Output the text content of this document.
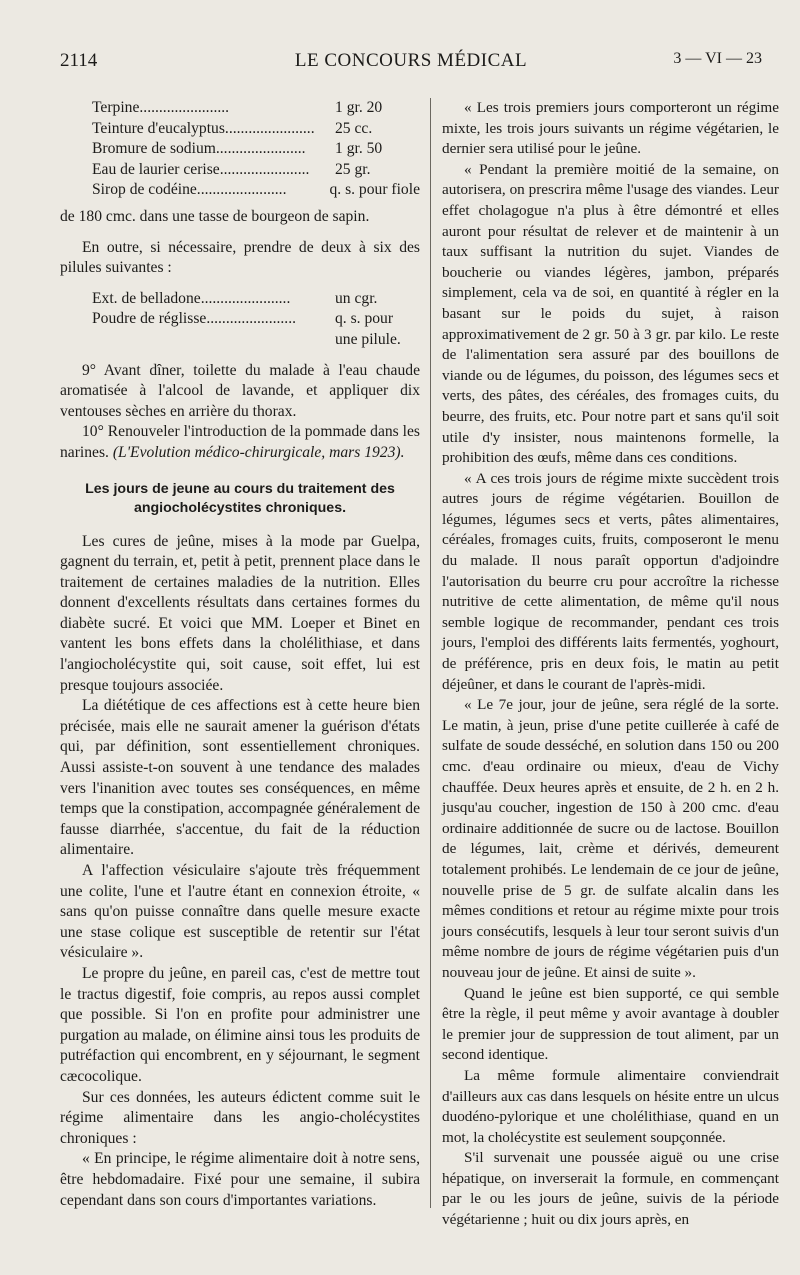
2114	LE CONCOURS MÉDICAL	3 — VI — 23
Terpine.......................	1 gr. 20
Teinture d'eucalyptus.......................	25 cc.
Bromure de sodium.......................	1 gr. 50
Eau de laurier cerise.......................	25 gr.
Sirop de codéine.......................	q. s. pour fiole

de 180 cmc. dans une tasse de bourgeon de sapin.

En outre, si nécessaire, prendre de deux à six des pilules suivantes :

Ext. de belladone.......................	un cgr.
Poudre de réglisse.......................	q. s. pour
une pilule.

9° Avant dîner, toilette du malade à l'eau chaude aromatisée à l'alcool de lavande, et appliquer dix ventouses sèches en arrière du thorax.

10° Renouveler l'introduction de la pommade dans les narines. (L'Evolution médico-chirurgicale, mars 1923).

Les jours de jeune au cours du traitement des angiocholécystites chroniques.

Les cures de jeûne, mises à la mode par Guelpa, gagnent du terrain, et, petit à petit, prennent place dans le traitement de certaines maladies de la nutrition. Elles donnent d'excellents résultats dans certaines formes du diabète sucré. Et voici que MM. Loeper et Binet en vantent les bons effets dans la cholélithiase, et dans l'angiocholécystite qui, soit cause, soit effet, lui est presque toujours associée.

La diététique de ces affections est à cette heure bien précisée, mais elle ne saurait amener la guérison d'états qui, par définition, sont essentiellement chroniques. Aussi assiste-t-on souvent à une tendance des malades vers l'inanition avec toutes ses conséquences, en même temps que la constipation, accompagnée généralement de fausse diarrhée, s'accentue, du fait de la réduction alimentaire.

A l'affection vésiculaire s'ajoute très fréquemment une colite, l'une et l'autre étant en connexion étroite, « sans qu'on puisse connaître dans quelle mesure exacte une stase colique est susceptible de retentir sur l'état vésiculaire ».

Le propre du jeûne, en pareil cas, c'est de mettre tout le tractus digestif, foie compris, au repos aussi complet que possible. Si l'on en profite pour administrer une purgation au malade, on élimine ainsi tous les produits de putréfaction qui encombrent, en y séjournant, le segment cæcocolique.

Sur ces données, les auteurs édictent comme suit le régime alimentaire dans les angio-cholécystites chroniques :

« En principe, le régime alimentaire doit à notre sens, être hebdomadaire. Fixé pour une semaine, il subira cependant dans son cours d'importantes variations.

« Les trois premiers jours comporteront un régime mixte, les trois jours suivants un régime végétarien, le dernier sera utilisé pour le jeûne.

« Pendant la première moitié de la semaine, on autorisera, on prescrira même l'usage des viandes. Leur effet cholagogue n'a plus à être démontré et elles auront pour résultat de relever et de maintenir à un taux suffisant la nutrition du sujet. Viandes de boucherie ou viandes légères, jambon, préparés simplement, cela va de soi, en quantité à régler en la basant sur le poids du sujet, à raison approximativement de 2 gr. 50 à 3 gr. par kilo. Le reste de l'alimentation sera assuré par des bouillons de viande ou de légumes, du poisson, des légumes secs et verts, des pâtes, des céréales, des fromages cuits, du beurre, des fruits, etc. Pour notre part et sans qu'il soit utile d'y insister, nous maintenons formelle, la prohibition des œufs, même dans ces conditions.

« A ces trois jours de régime mixte succèdent trois autres jours de régime végétarien. Bouillon de légumes, légumes secs et verts, pâtes alimentaires, céréales, fromages cuits, fruits, composeront le menu du malade. Il nous paraît opportun d'adjoindre l'autorisation du beurre cru pour accroître la richesse nutritive de cette alimentation, de même qu'il nous semble logique de recommander, pendant ces trois jours, l'emploi des différents laits fermentés, yoghourt, de préférence, pris en deux fois, le matin au petit déjeûner, et dans le courant de l'après-midi.

« Le 7e jour, jour de jeûne, sera réglé de la sorte. Le matin, à jeun, prise d'une petite cuillerée à café de sulfate de soude desséché, en solution dans 150 ou 200 cmc. d'eau ordinaire ou mieux, d'eau de Vichy chauffée. Deux heures après et ensuite, de 2 h. en 2 h. jusqu'au coucher, ingestion de 150 à 200 cmc. d'eau ordinaire additionnée de sucre ou de lactose. Bouillon de légumes, lait, crème et dérivés, demeurent totalement prohibés. Le lendemain de ce jour de jeûne, nouvelle prise de 5 gr. de sulfate alcalin dans les mêmes conditions et retour au régime mixte pour trois jours consécutifs, lesquels à leur tour seront suivis d'un même nombre de jours de régime végétarien puis d'un nouveau jour de jeûne. Et ainsi de suite ».

Quand le jeûne est bien supporté, ce qui semble être la règle, il peut même y avoir avantage à doubler le premier jour de suppression de tout aliment, par un second identique.

La même formule alimentaire conviendrait d'ailleurs aux cas dans lesquels on hésite entre un ulcus duodéno-pylorique et une cholélithiase, quand en un mot, la cholécystite est seulement soupçonnée.

S'il survenait une poussée aiguë ou une crise hépatique, on inverserait la formule, en commençant par le ou les jours de jeûne, suivis de la période végétarienne ; huit ou dix jours après, en
